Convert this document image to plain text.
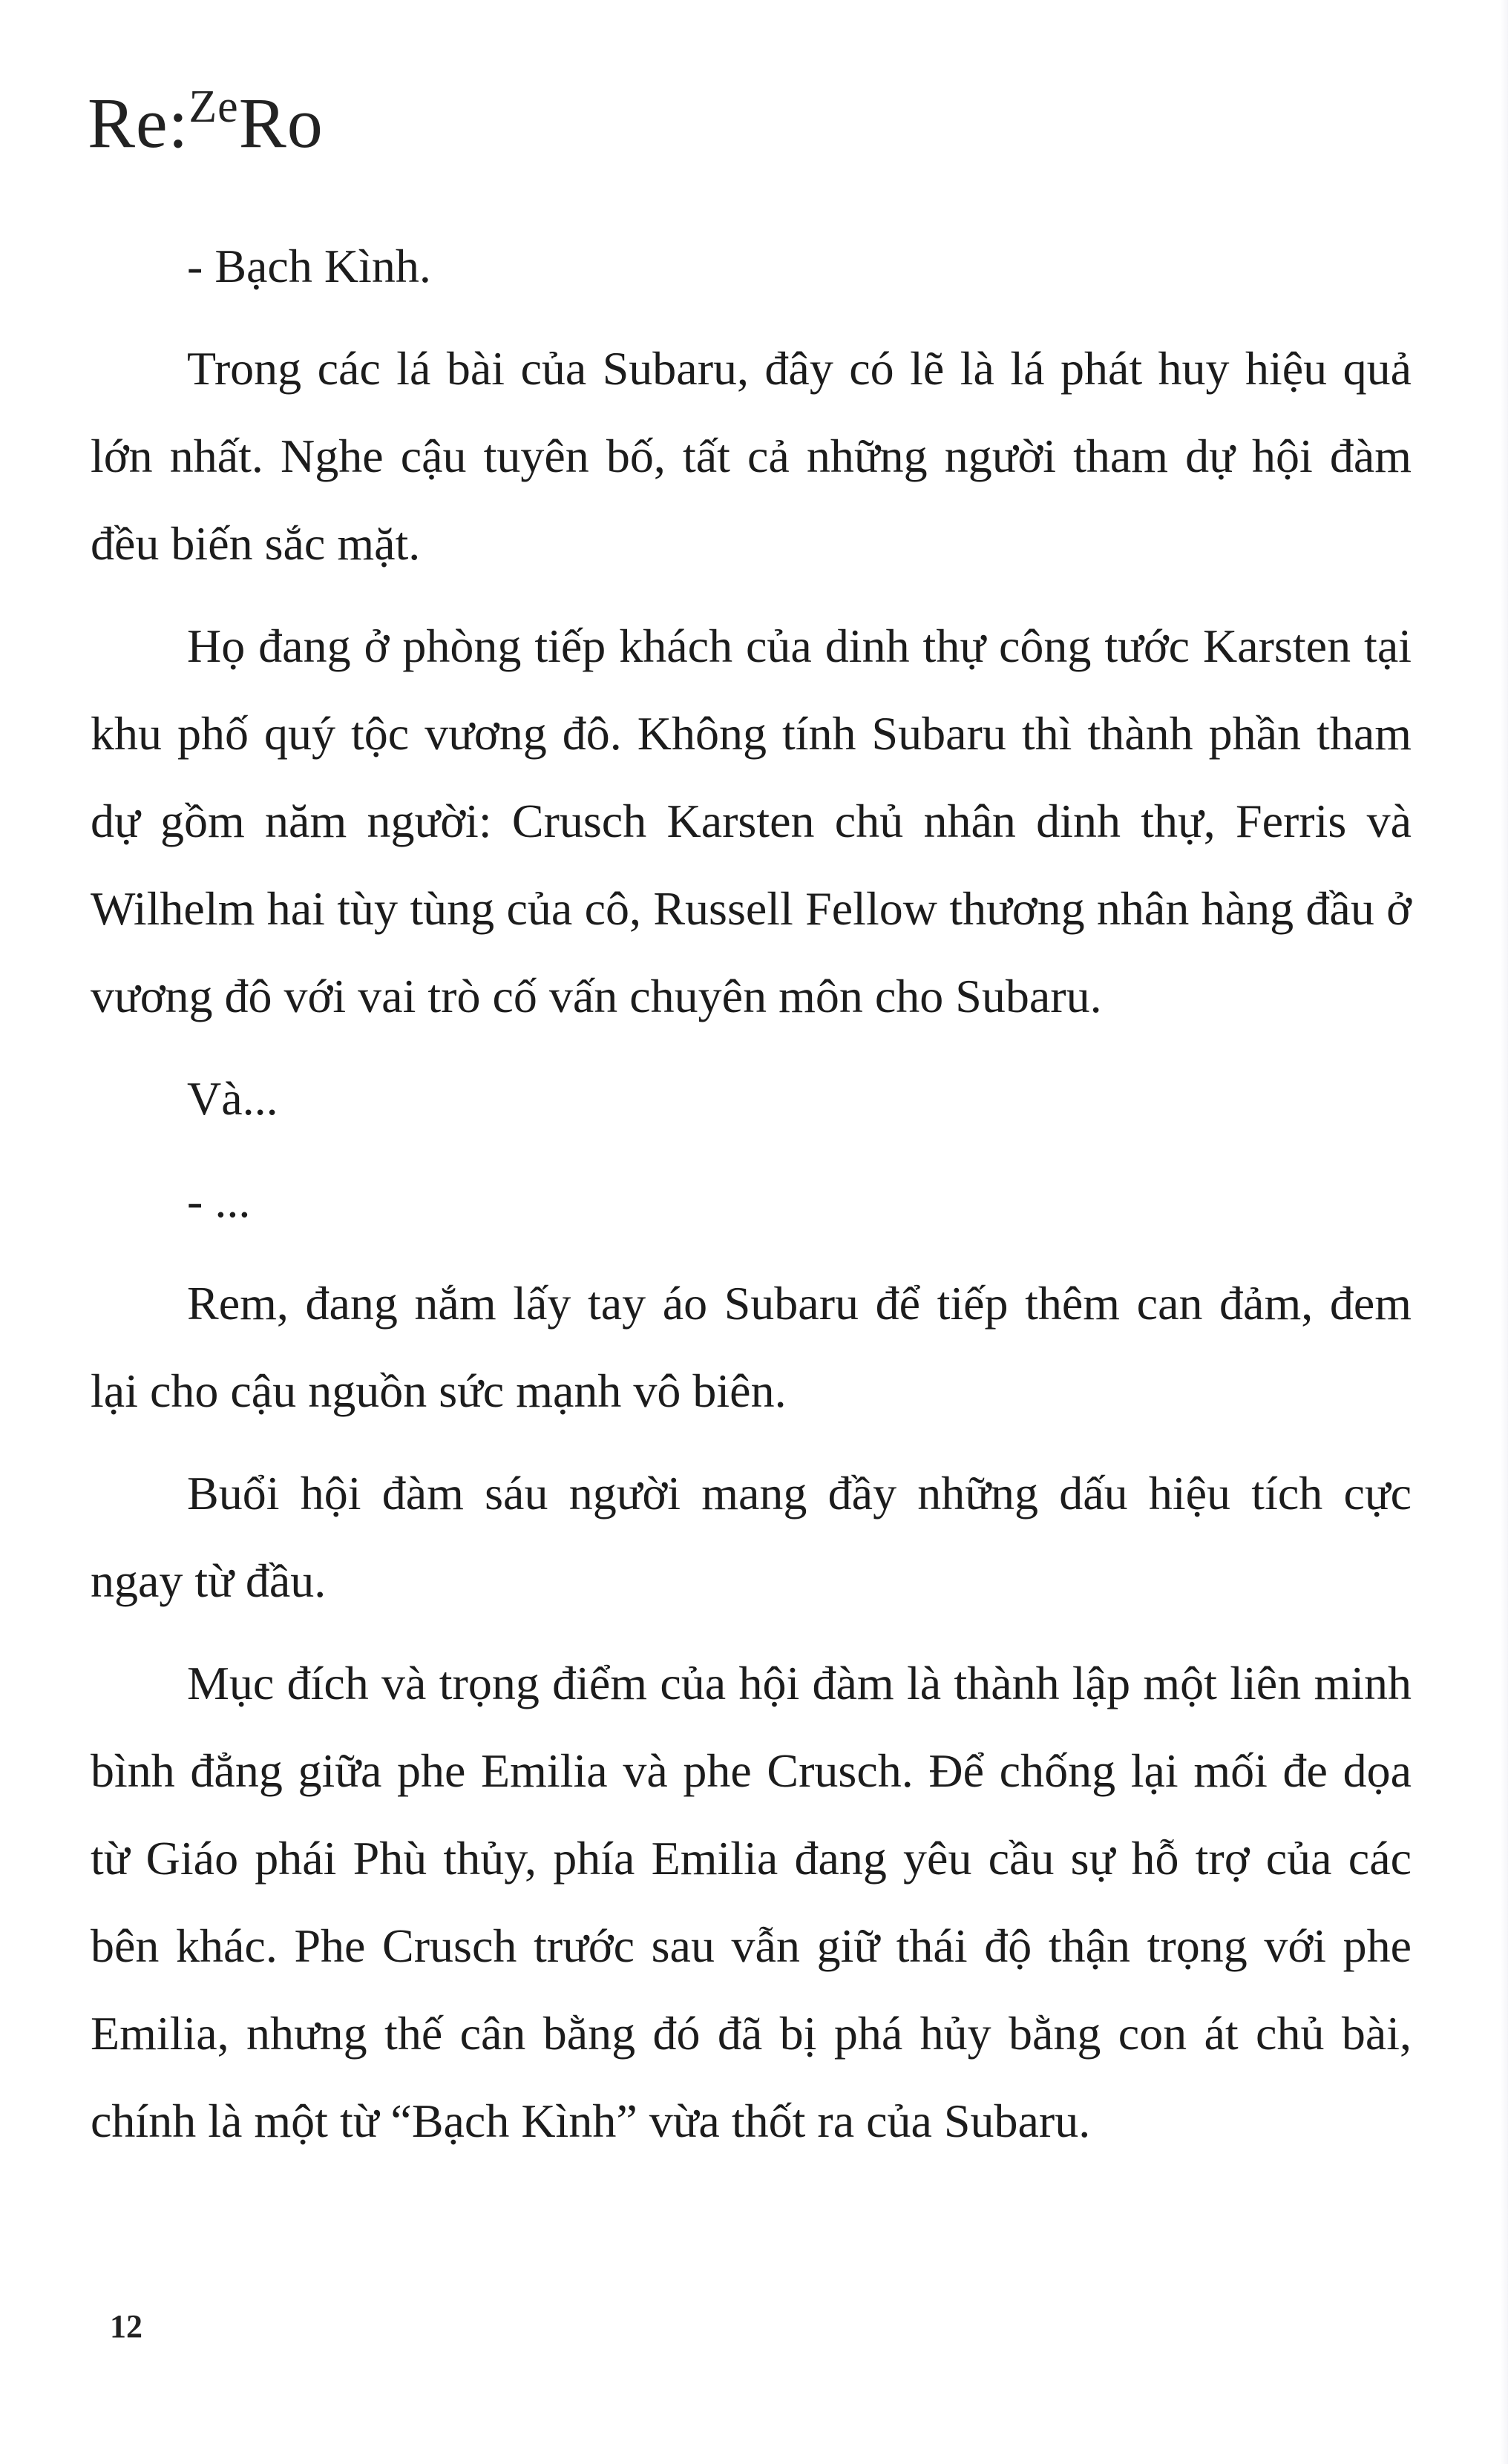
Re:$^{Ze}$Ro

- Bạch Kình.

Trong các lá bài của Subaru, đây có lẽ là lá phát huy hiệu quả lớn nhất. Nghe cậu tuyên bố, tất cả những người tham dự hội đàm đều biến sắc mặt.

Họ đang ở phòng tiếp khách của dinh thự công tước Karsten tại khu phố quý tộc vương đô. Không tính Subaru thì thành phần tham dự gồm năm người: Crusch Karsten chủ nhân dinh thự, Ferris và Wilhelm hai tùy tùng của cô, Russell Fellow thương nhân hàng đầu ở vương đô với vai trò cố vấn chuyên môn cho Subaru.

Và...

- ...

Rem, đang nắm lấy tay áo Subaru để tiếp thêm can đảm, đem lại cho cậu nguồn sức mạnh vô biên.

Buổi hội đàm sáu người mang đầy những dấu hiệu tích cực ngay từ đầu.

Mục đích và trọng điểm của hội đàm là thành lập một liên minh bình đẳng giữa phe Emilia và phe Crusch. Để chống lại mối đe dọa từ Giáo phái Phù thủy, phía Emilia đang yêu cầu sự hỗ trợ của các bên khác. Phe Crusch trước sau vẫn giữ thái độ thận trọng với phe Emilia, nhưng thế cân bằng đó đã bị phá hủy bằng con át chủ bài, chính là một từ “Bạch Kình” vừa thốt ra của Subaru.

12
